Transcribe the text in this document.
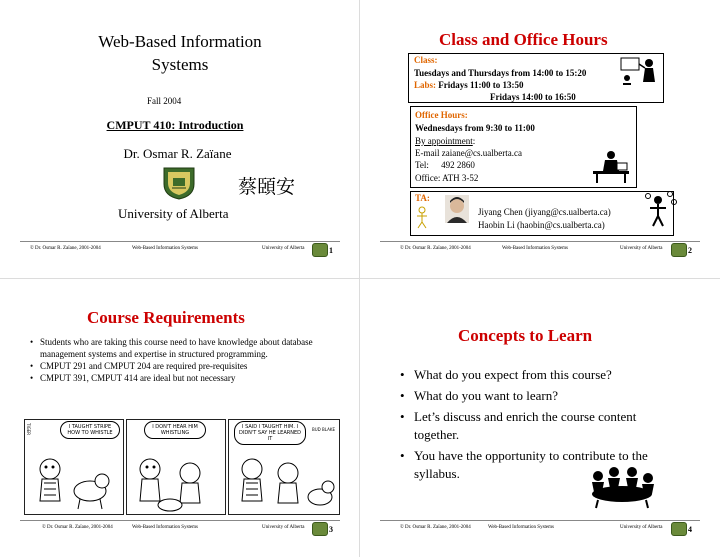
Web-Based Information
Systems
Fall 2004
CMPUT 410: Introduction
Dr. Osmar R. Zaïane
蔡頣安
University of Alberta
© Dr. Osmar R. Zaïane, 2001-2004	Web-Based Information Systems	University of Alberta	1
Class and Office Hours
Class:
Tuesdays and Thursdays from 14:00 to 15:20
Labs: Fridays 11:00 to 13:50
Fridays 14:00 to 16:50
Office Hours:
Wednesdays from 9:30 to 11:00
By appointment:
E-mail zaiane@cs.ualberta.ca
Tel: 492 2860
Office: ATH 3-52
TA:
Jiyang Chen (jiyang@cs.ualberta.ca)
Haobin Li (haobin@cs.ualberta.ca)
© Dr. Osmar R. Zaïane, 2001-2004	Web-Based Information Systems	University of Alberta	2
Course Requirements
• Students who are taking this course need to have knowledge about database management systems and expertise in structured programming.
• CMPUT 291 and CMPUT 204 are required pre-requisites
• CMPUT 391, CMPUT 414 are ideal but not necessary
TIGER	I TAUGHT STRIPE HOW TO WHISTLE
I DON'T HEAR HIM WHISTLING
I SAID I TAUGHT HIM. I DIDN'T SAY HE LEARNED IT
BUD BLAKE
© Dr. Osmar R. Zaïane, 2001-2004	Web-Based Information Systems	University of Alberta	3
Concepts to Learn
• What do you expect from this course?
• What do you want to learn?
• Let’s discuss and enrich the course content together.
• You have the opportunity to contribute to the syllabus.
© Dr. Osmar R. Zaïane, 2001-2004	Web-Based Information Systems	University of Alberta	4
